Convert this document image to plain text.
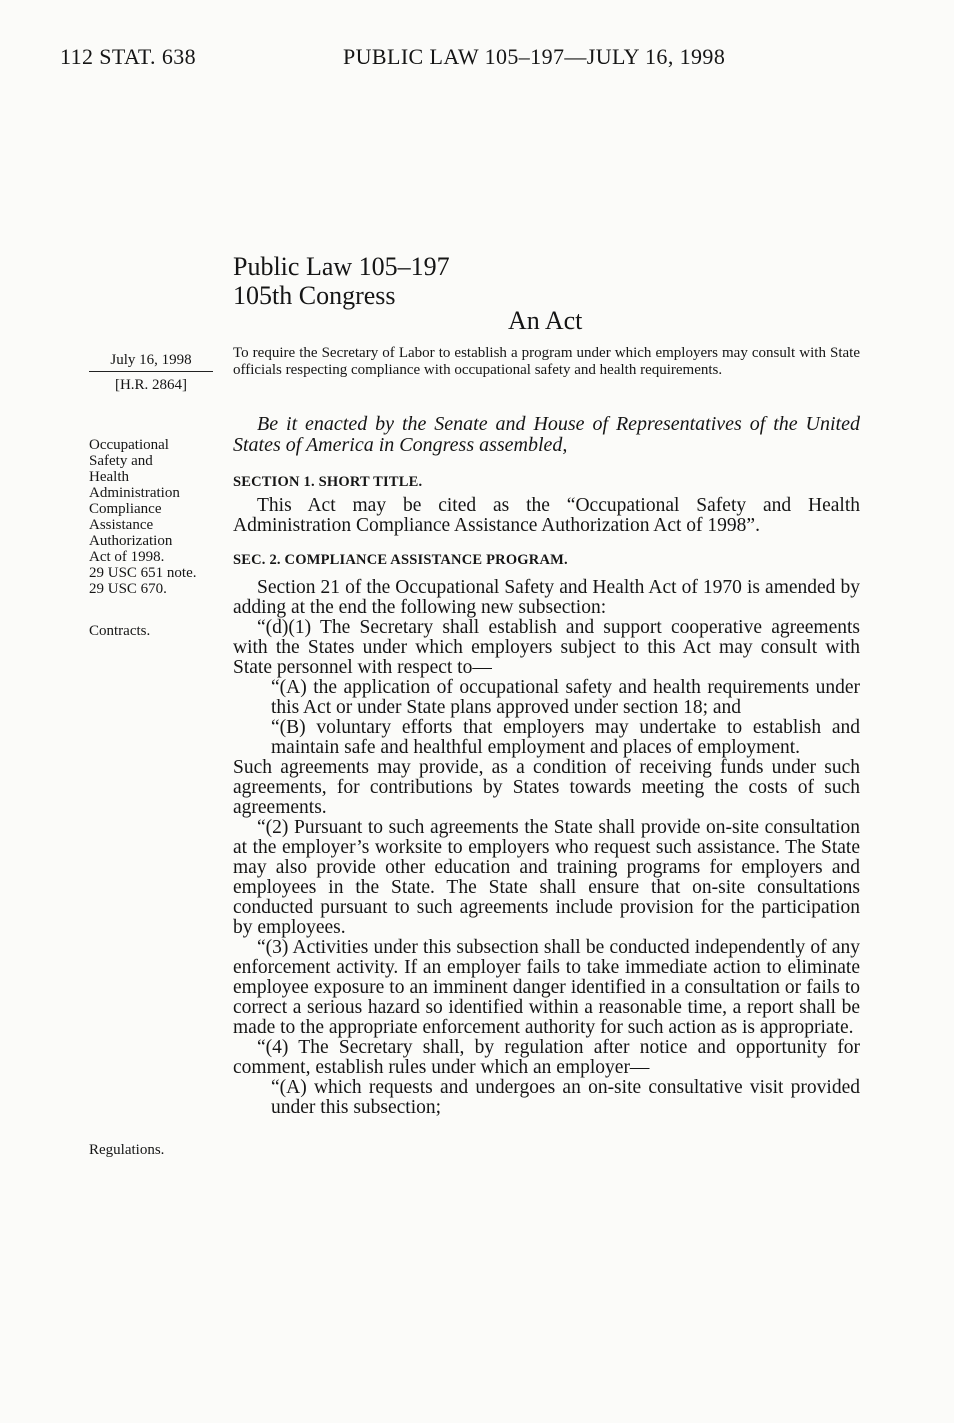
112 STAT. 638	PUBLIC LAW 105–197—JULY 16, 1998
Public Law 105–197
105th Congress
An Act
July 16, 1998
[H.R. 2864]
Occupational
Safety and
Health
Administration
Compliance
Assistance
Authorization
Act of 1998.
29 USC 651 note.
29 USC 670.
Contracts.
Regulations.
To require the Secretary of Labor to establish a program under which employers may consult with State officials respecting compliance with occupational safety and health requirements.
Be it enacted by the Senate and House of Representatives of the United States of America in Congress assembled,
SECTION 1. SHORT TITLE.

This Act may be cited as the “Occupational Safety and Health Administration Compliance Assistance Authorization Act of 1998”.

SEC. 2. COMPLIANCE ASSISTANCE PROGRAM.

Section 21 of the Occupational Safety and Health Act of 1970 is amended by adding at the end the following new subsection:

“(d)(1) The Secretary shall establish and support cooperative agreements with the States under which employers subject to this Act may consult with State personnel with respect to—

“(A) the application of occupational safety and health requirements under this Act or under State plans approved under section 18; and

“(B) voluntary efforts that employers may undertake to establish and maintain safe and healthful employment and places of employment.

Such agreements may provide, as a condition of receiving funds under such agreements, for contributions by States towards meeting the costs of such agreements.

“(2) Pursuant to such agreements the State shall provide on-site consultation at the employer’s worksite to employers who request such assistance. The State may also provide other education and training programs for employers and employees in the State. The State shall ensure that on-site consultations conducted pursuant to such agreements include provision for the participation by employees.

“(3) Activities under this subsection shall be conducted independently of any enforcement activity. If an employer fails to take immediate action to eliminate employee exposure to an imminent danger identified in a consultation or fails to correct a serious hazard so identified within a reasonable time, a report shall be made to the appropriate enforcement authority for such action as is appropriate.

“(4) The Secretary shall, by regulation after notice and opportunity for comment, establish rules under which an employer—

“(A) which requests and undergoes an on-site consultative visit provided under this subsection;
